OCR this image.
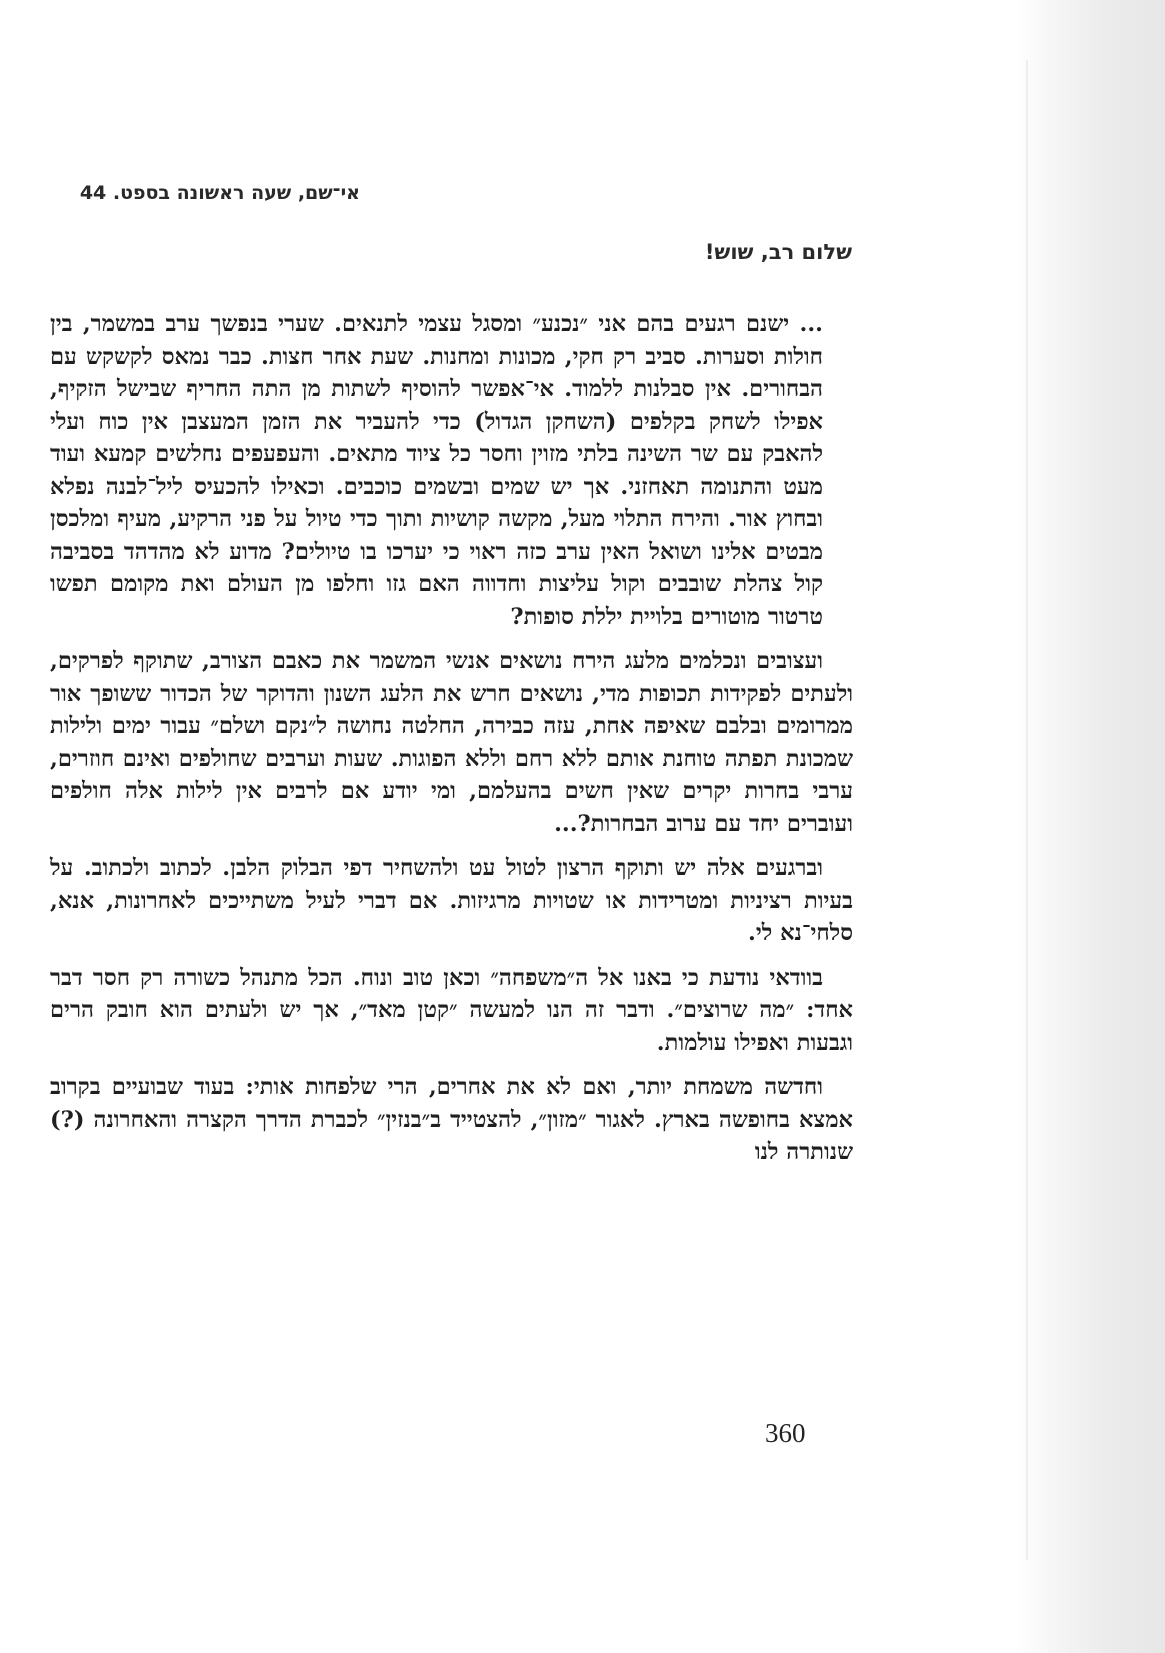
אי־שם, שעה ראשונה בספט. 44
שלום רב, שוש!

... ישנם רגעים בהם אני ״נכנע״ ומסגל עצמי לתנאים. שערי בנפשך ערב במשמר, בין חולות וסערות. סביב רק חקי, מכונות ומחנות. שעת אחר חצות. כבר נמאס לקשקש עם הבחורים. אין סבלנות ללמוד. אי־אפשר להוסיף לשתות מן התה החריף שבישל הזקיף, אפילו לשחק בקלפים (השחקן הגדול) כדי להעביר את הזמן המעצבן אין כוח ועלי להאבק עם שר השינה בלתי מזוין וחסר כל ציוד מתאים. והעפעפים נחלשים קמעא ועוד מעט והתנומה תאחזני. אך יש שמים ובשמים כוכבים. וכאילו להכעיס ליל־לבנה נפלא ובחוץ אור. והירח התלוי מעל, מקשה קושיות ותוך כדי טיול על פני הרקיע, מעיף ומלכסן מבטים אלינו ושואל האין ערב כזה ראוי כי יערכו בו טיולים? מדוע לא מהדהד בסביבה קול צהלת שובבים וקול עליצות וחדווה האם גזו וחלפו מן העולם ואת מקומם תפשו טרטור מוטורים בלויית יללת סופות?

ועצובים ונכלמים מלעג הירח נושאים אנשי המשמר את כאבם הצורב, שתוקף לפרקים, ולעתים לפקידות תכופות מדי, נושאים חרש את הלעג השנון והדוקר של הכדור ששופך אור ממרומים ובלבם שאיפה אחת, עזה כבירה, החלטה נחושה ל״נקם ושלם״ עבור ימים ולילות שמכונת תפתה טוחנת אותם ללא רחם וללא הפוגות. שעות וערבים שחולפים ואינם חוזרים, ערבי בחרות יקרים שאין חשים בהעלמם, ומי יודע אם לרבים אין לילות אלה חולפים ועוברים יחד עם ערוב הבחרות?...

וברגעים אלה יש ותוקף הרצון לטול עט ולהשחיר דפי הבלוק הלבן. לכתוב ולכתוב. על בעיות רציניות ומטרידות או שטויות מרגיזות. אם דברי לעיל משתייכים לאחרונות, אנא, סלחי־נא לי.

בוודאי נודעת כי באנו אל ה״משפחה״ וכאן טוב ונוח. הכל מתנהל כשורה רק חסר דבר אחד: ״מה שרוצים״. ודבר זה הנו למעשה ״קטן מאד״, אך יש ולעתים הוא חובק הרים וגבעות ואפילו עולמות.

וחדשה משמחת יותר, ואם לא את אחרים, הרי שלפחות אותי: בעוד שבועיים בקרוב אמצא בחופשה בארץ. לאגור ״מזון״, להצטייד ב״בנזין״ לכברת הדרך הקצרה והאחרונה (?) שנותרה לנו

360
